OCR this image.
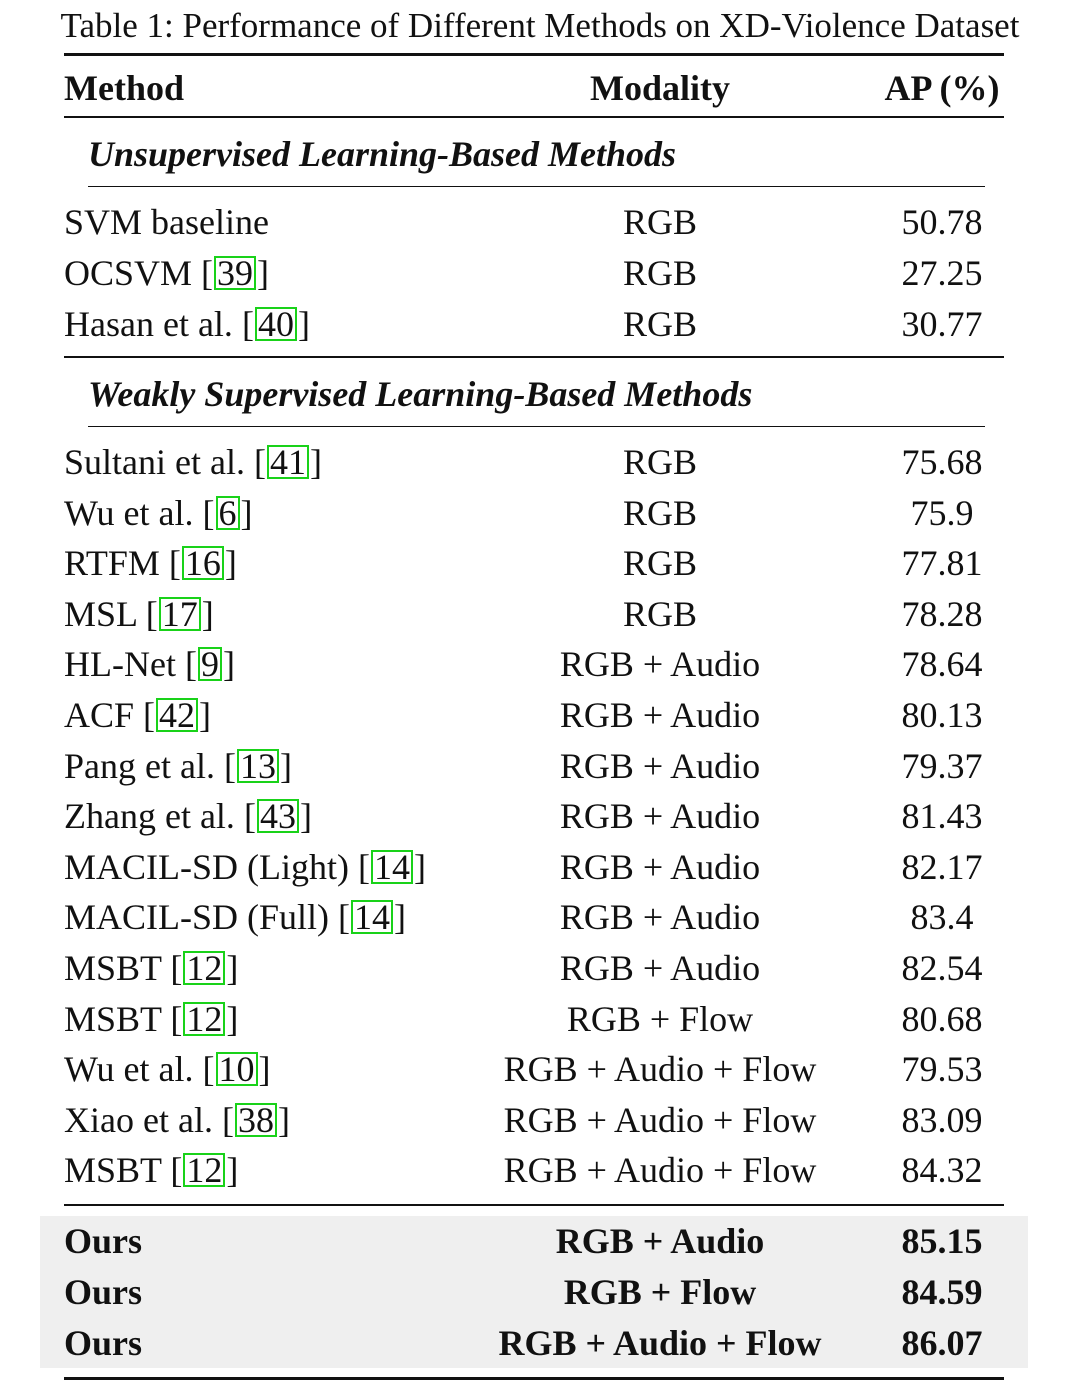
Table 1: Performance of Different Methods on XD-Violence Dataset
Method	Modality	AP (%)
Unsupervised Learning-Based Methods
SVM baseline	RGB	50.78
OCSVM [ 39 ]	RGB	27.25
Hasan et al. [ 40 ]	RGB	30.77
Weakly Supervised Learning-Based Methods
Sultani et al. [ 41 ]	RGB	75.68
Wu et al. [ 6 ]	RGB	75.9
RTFM [ 16 ]	RGB	77.81
MSL [ 17 ]	RGB	78.28
HL-Net [ 9 ]	RGB + Audio	78.64
ACF [ 42 ]	RGB + Audio	80.13
Pang et al. [ 13 ]	RGB + Audio	79.37
Zhang et al. [ 43 ]	RGB + Audio	81.43
MACIL-SD (Light) [ 14 ]	RGB + Audio	82.17
MACIL-SD (Full) [ 14 ]	RGB + Audio	83.4
MSBT [ 12 ]	RGB + Audio	82.54
MSBT [ 12 ]	RGB + Flow	80.68
Wu et al. [ 10 ]	RGB + Audio + Flow	79.53
Xiao et al. [ 38 ]	RGB + Audio + Flow	83.09
MSBT [ 12 ]	RGB + Audio + Flow	84.32
Ours	RGB + Audio	85.15
Ours	RGB + Flow	84.59
Ours	RGB + Audio + Flow	86.07
